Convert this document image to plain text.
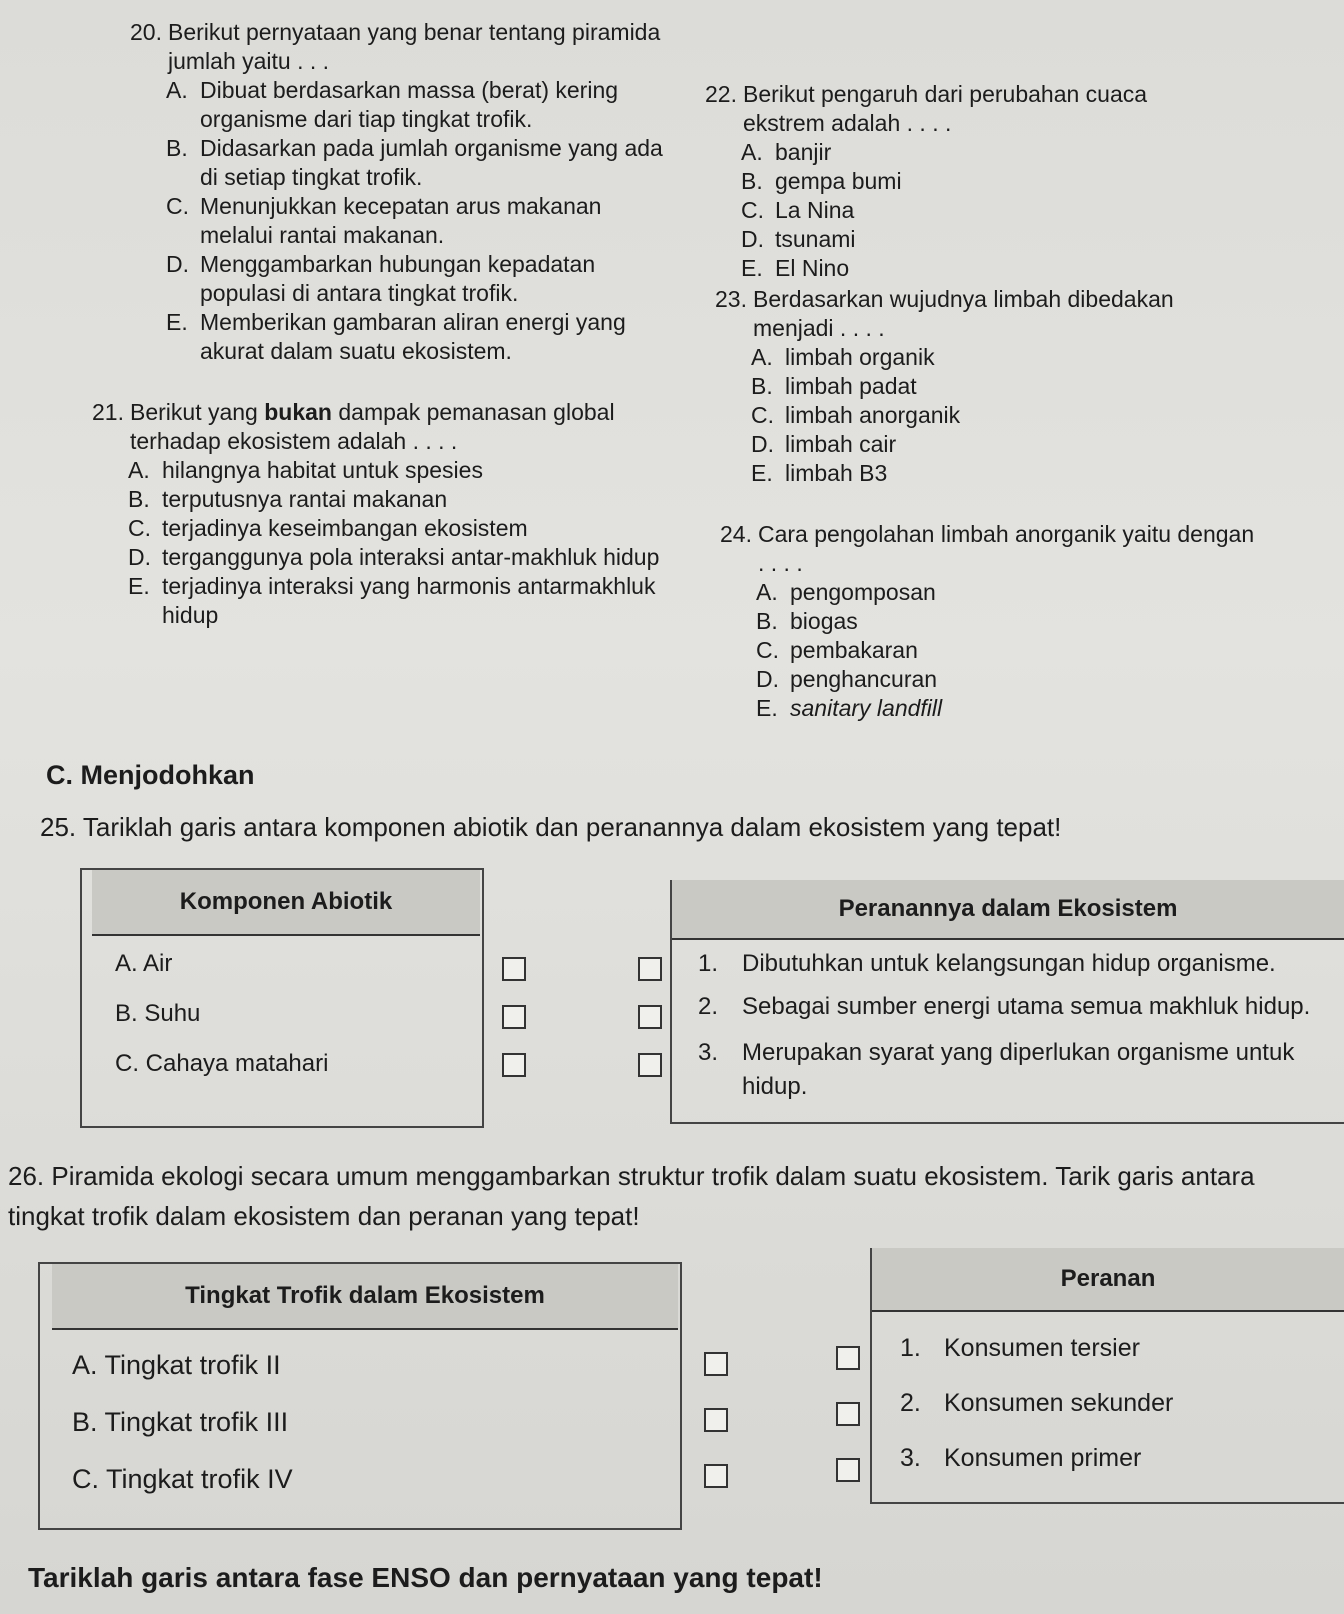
20. Berikut pernyataan yang benar tentang piramida jumlah yaitu . . .
A. Dibuat berdasarkan massa (berat) kering organisme dari tiap tingkat trofik.
B. Didasarkan pada jumlah organisme yang ada di setiap tingkat trofik.
C. Menunjukkan kecepatan arus makanan melalui rantai makanan.
D. Menggambarkan hubungan kepadatan populasi di antara tingkat trofik.
E. Memberikan gambaran aliran energi yang akurat dalam suatu ekosistem.
21. Berikut yang bukan dampak pemanasan global terhadap ekosistem adalah . . . .
A. hilangnya habitat untuk spesies
B. terputusnya rantai makanan
C. terjadinya keseimbangan ekosistem
D. terganggunya pola interaksi antar-makhluk hidup
E. terjadinya interaksi yang harmonis antarmakhluk hidup
22. Berikut pengaruh dari perubahan cuaca ekstrem adalah . . . .
A. banjir
B. gempa bumi
C. La Nina
D. tsunami
E. El Nino
23. Berdasarkan wujudnya limbah dibedakan menjadi . . . .
A. limbah organik
B. limbah padat
C. limbah anorganik
D. limbah cair
E. limbah B3
24. Cara pengolahan limbah anorganik yaitu dengan . . . .
A. pengomposan
B. biogas
C. pembakaran
D. penghancuran
E. sanitary landfill
C. Menjodohkan
25. Tariklah garis antara komponen abiotik dan peranannya dalam ekosistem yang tepat!
Komponen Abiotik
A. Air
B. Suhu
C. Cahaya matahari
Peranannya dalam Ekosistem
1. Dibutuhkan untuk kelangsungan hidup organisme.
2. Sebagai sumber energi utama semua makhluk hidup.
3. Merupakan syarat yang diperlukan organisme untuk hidup.
26. Piramida ekologi secara umum menggambarkan struktur trofik dalam suatu ekosistem. Tarik garis antara tingkat trofik dalam ekosistem dan peranan yang tepat!
Tingkat Trofik dalam Ekosistem
A. Tingkat trofik II
B. Tingkat trofik III
C. Tingkat trofik IV
Peranan
1. Konsumen tersier
2. Konsumen sekunder
3. Konsumen primer
Tariklah garis antara fase ENSO dan pernyataan yang tepat!
